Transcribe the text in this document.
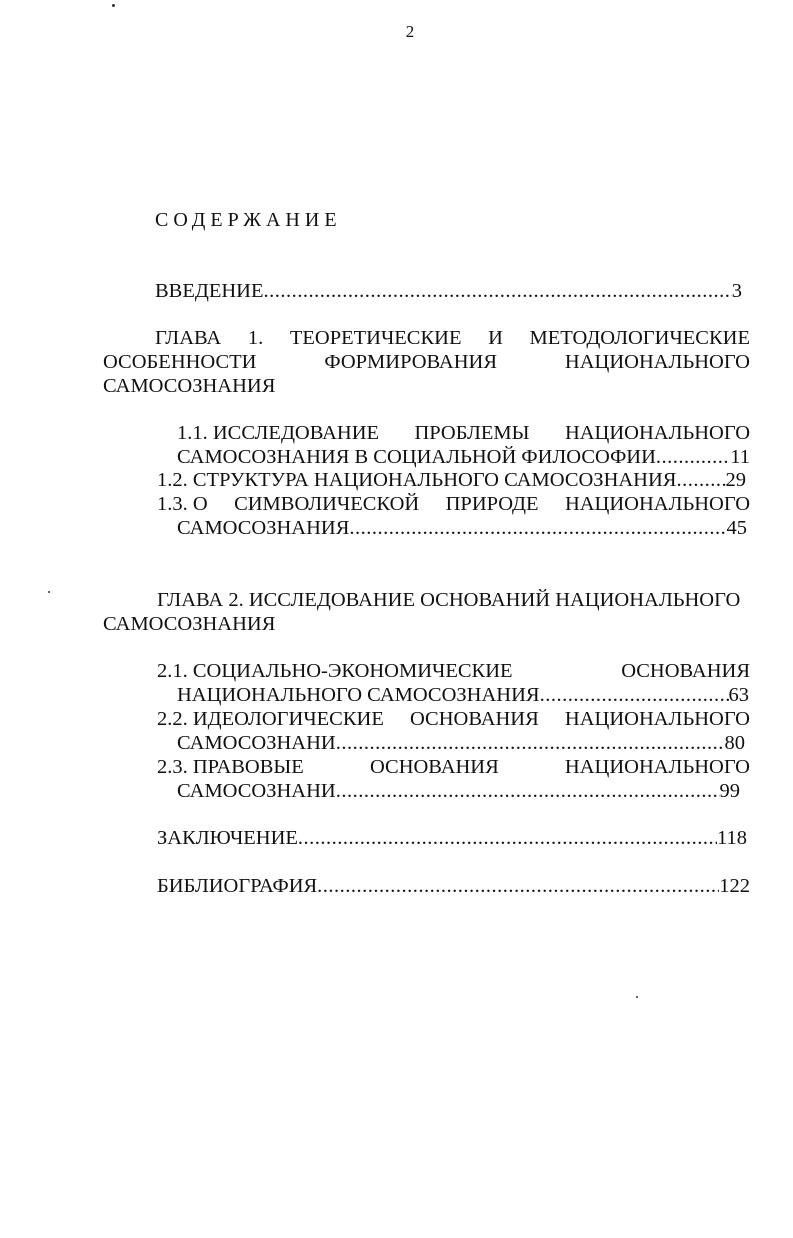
2
СОДЕРЖАНИЕ
ВВЕДЕНИЕ .....	3
ГЛАВА 1. ТЕОРЕТИЧЕСКИЕ И МЕТОДОЛОГИЧЕСКИЕ
ОСОБЕННОСТИ	ФОРМИРОВАНИЯ	НАЦИОНАЛЬНОГО
САМОСОЗНАНИЯ
1.1. ИССЛЕДОВАНИЕ ПРОБЛЕМЫ НАЦИОНАЛЬНОГО
САМОСОЗНАНИЯ В СОЦИАЛЬНОЙ ФИЛОСОФИИ .....	11
1.2. СТРУКТУРА НАЦИОНАЛЬНОГО САМОСОЗНАНИЯ ..... 29
1.3. О СИМВОЛИЧЕСКОЙ ПРИРОДЕ НАЦИОНАЛЬНОГО
САМОСОЗНАНИЯ .....	45
ГЛАВА 2. ИССЛЕДОВАНИЕ ОСНОВАНИЙ НАЦИОНАЛЬНОГО
САМОСОЗНАНИЯ
2.1. СОЦИАЛЬНО-ЭКОНОМИЧЕСКИЕ	ОСНОВАНИЯ
НАЦИОНАЛЬНОГО САМОСОЗНАНИЯ .....	63
2.2. ИДЕОЛОГИЧЕСКИЕ ОСНОВАНИЯ НАЦИОНАЛЬНОГО
САМОСОЗНАНИ .....	80
2.3. ПРАВОВЫЕ	ОСНОВАНИЯ	НАЦИОНАЛЬНОГО
САМОСОЗНАНИ .....	99
ЗАКЛЮЧЕНИЕ .....	118
БИБЛИОГРАФИЯ .....	122
